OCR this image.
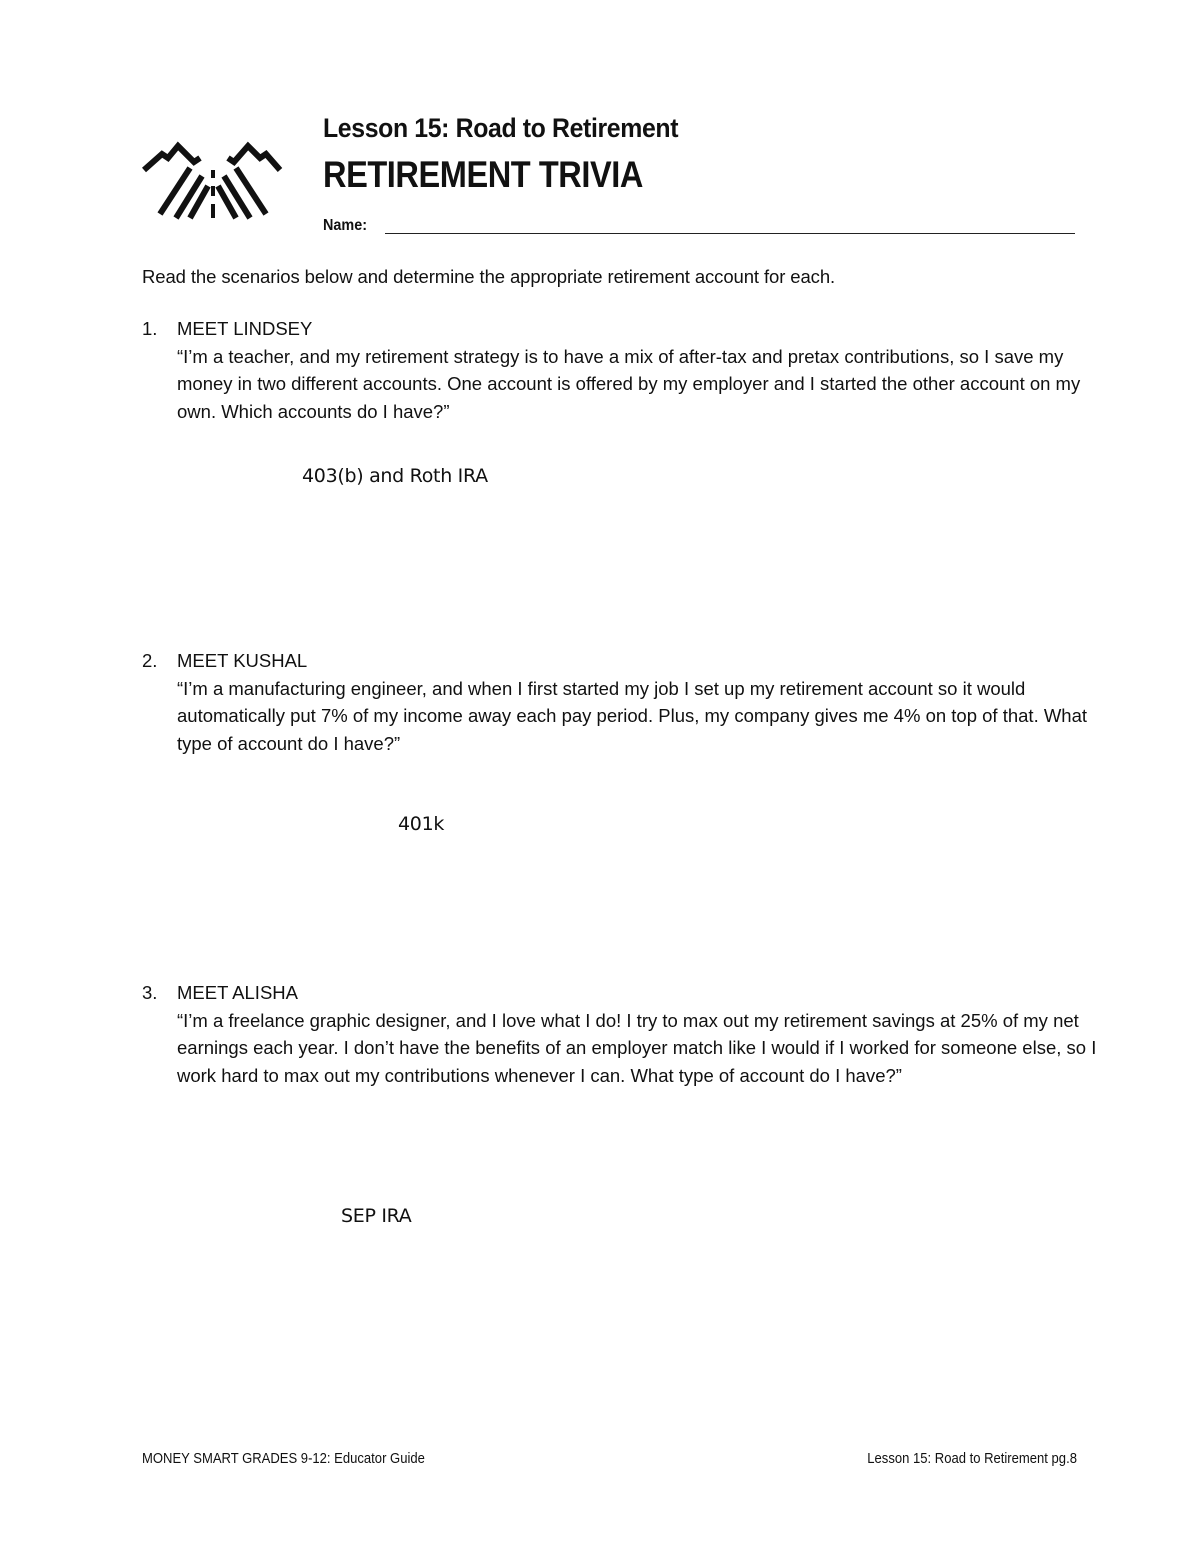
Lesson 15: Road to Retirement
RETIREMENT TRIVIA
Name:
Read the scenarios below and determine the appropriate retirement account for each.
1. MEET LINDSEY

“I’m a teacher, and my retirement strategy is to have a mix of after-tax and pretax contributions, so I save my money in two different accounts. One account is offered by my employer and I started the other account on my own. Which accounts do I have?”

403(b) and Roth IRA
2. MEET KUSHAL

“I’m a manufacturing engineer, and when I first started my job I set up my retirement account so it would automatically put 7% of my income away each pay period. Plus, my company gives me 4% on top of that. What type of account do I have?”

401k
3. MEET ALISHA

“I’m a freelance graphic designer, and I love what I do! I try to max out my retirement savings at 25% of my net earnings each year. I don’t have the benefits of an employer match like I would if I worked for someone else, so I work hard to max out my contributions whenever I can. What type of account do I have?”

SEP IRA
MONEY SMART GRADES 9-12: Educator Guide	Lesson 15: Road to Retirement pg.8
